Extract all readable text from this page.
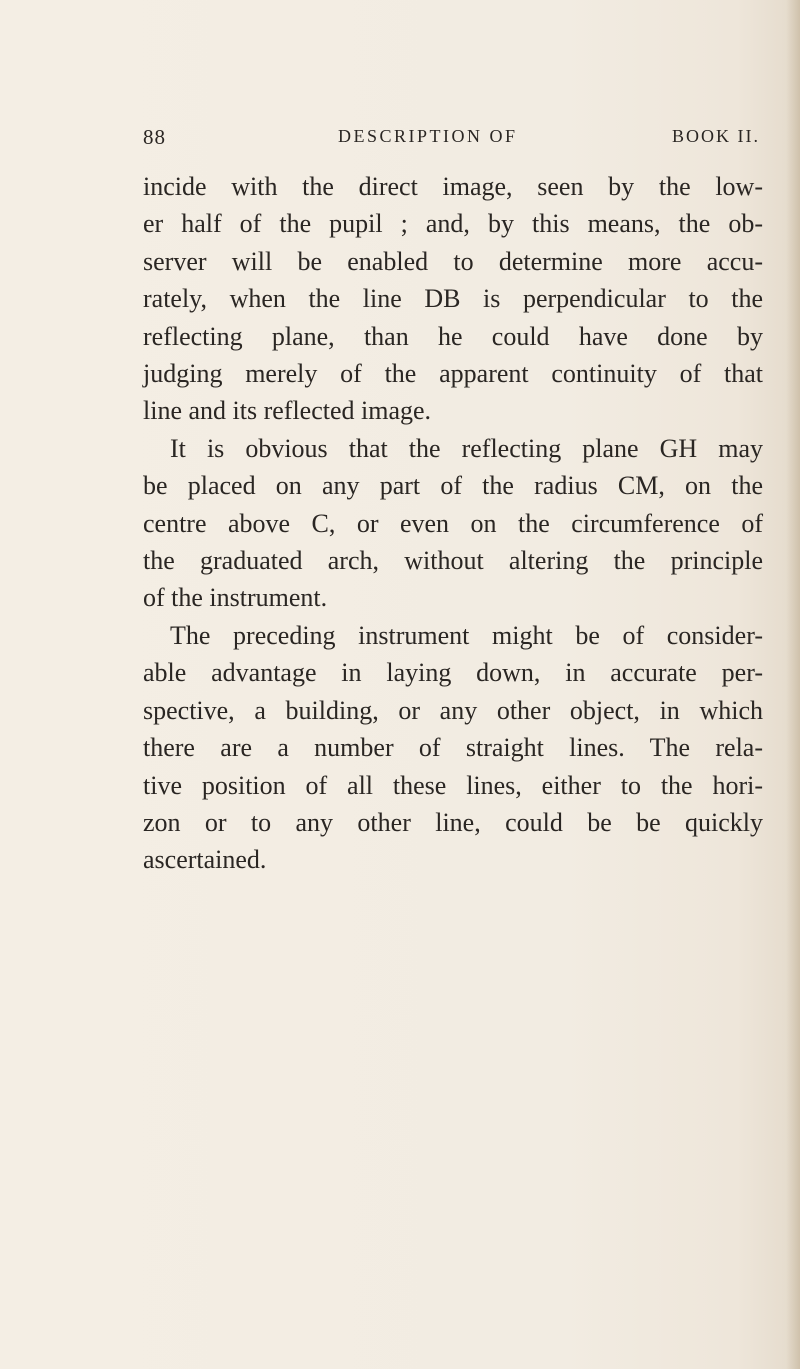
88	DESCRIPTION OF	BOOK II.
incide with the direct image, seen by the low-
er half of the pupil ; and, by this means, the ob-
server will be enabled to determine more accu-
rately, when the line DB is perpendicular to the
reflecting plane, than he could have done by
judging merely of the apparent continuity of that
line and its reflected image.
It is obvious that the reflecting plane GH may
be placed on any part of the radius CM, on the
centre above C, or even on the circumference of
the graduated arch, without altering the principle
of the instrument.
The preceding instrument might be of consider-
able advantage in laying down, in accurate per-
spective, a building, or any other object, in which
there are a number of straight lines. The rela-
tive position of all these lines, either to the hori-
zon or to any other line, could be be quickly
ascertained.
